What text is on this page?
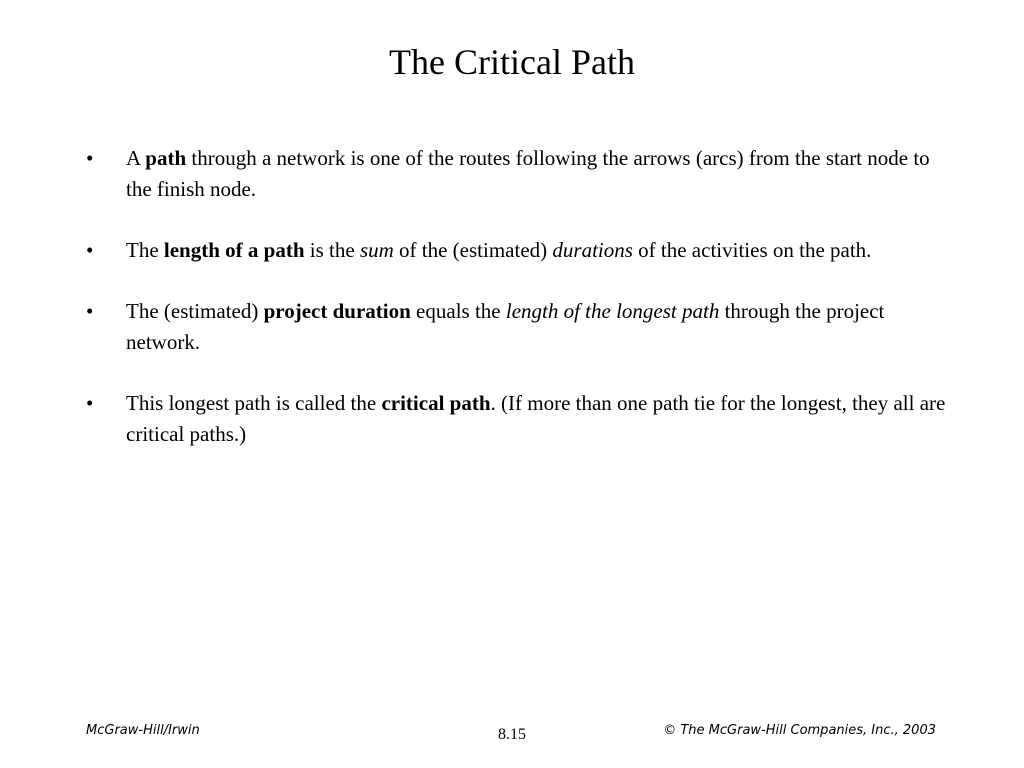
The Critical Path
• A path through a network is one of the routes following the arrows (arcs) from the start node to the finish node.
• The length of a path is the sum of the (estimated) durations of the activities on the path.
• The (estimated) project duration equals the length of the longest path through the project network.
• This longest path is called the critical path. (If more than one path tie for the longest, they all are critical paths.)
McGraw-Hill/Irwin	8.15	© The McGraw-Hill Companies, Inc., 2003
